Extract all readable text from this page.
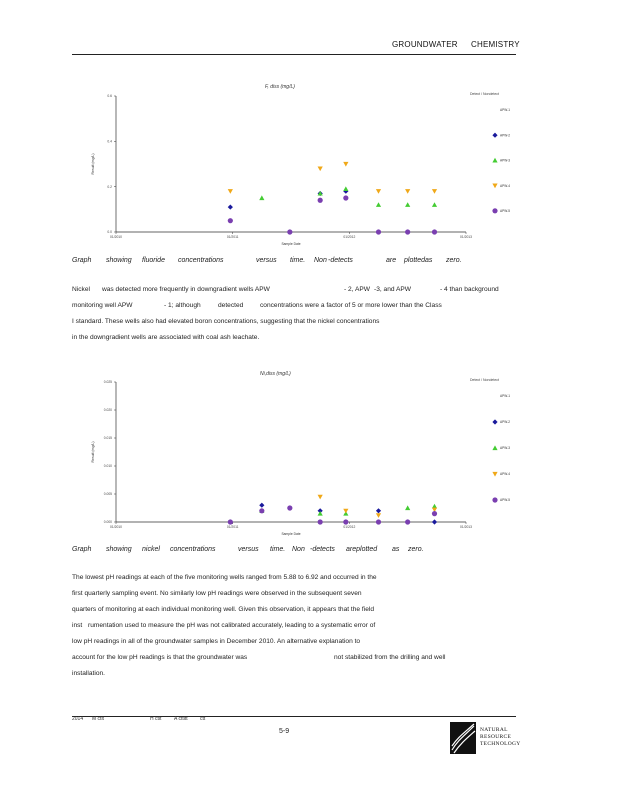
GROUNDWATER CHEMISTRY
F, diss (mg/L)
Detect / Nondetect
0.6
0.4
0.2
0.0
01/2010	01/2011	01/2012	01/2013
Result (mg/L)
Sample Date
APW-1
APW-2
APW-3
APW-4
APW-5
Graph showing fluoride concentrations	versus time. Non -detects	are plottedas zero.
Nickel was detected more frequently in downgradient wells APW	- 2, APW -3, and APW	- 4 than background
monitoring well APW	- 1; although	detected	concentrations were a factor of 5 or more lower than the Class
I standard. These wells also had elevated boron concentrations, suggesting that the nickel concentrations
in the downgradient wells are associated with coal ash leachate.
Ni,diss (mg/L)
Detect / Nondetect
0.025
0.020
0.015
0.010
0.005
0.000
01/2010	01/2011	01/2012	01/2013
Result (mg/L)
Sample Date
APW-1
APW-2
APW-3
APW-4
APW-5
Graph showing nickel concentrations	versus time. Non -detects areplotted as zero.
The lowest pH readings at each of the five monitoring wells ranged from 5.88 to 6.92 and occurred in the
first quarterly sampling event. No similarly low pH readings were observed in the subsequent seven
quarters of monitoring at each individual monitoring well. Given this observation, it appears that the field
inst rumentation used to measure the pH was not calibrated accurately, leading to a systematic error of
low pH readings in all of the groundwater samples in December 2010. An alternative explanation to
account for the low pH readings is that the groundwater was	not stabilized from the drilling and well
installation.
2014 M ctlt	H ctlt	A cttltt ctt
5-9	NATURAL
RESOURCE
TECHNOLOGY
